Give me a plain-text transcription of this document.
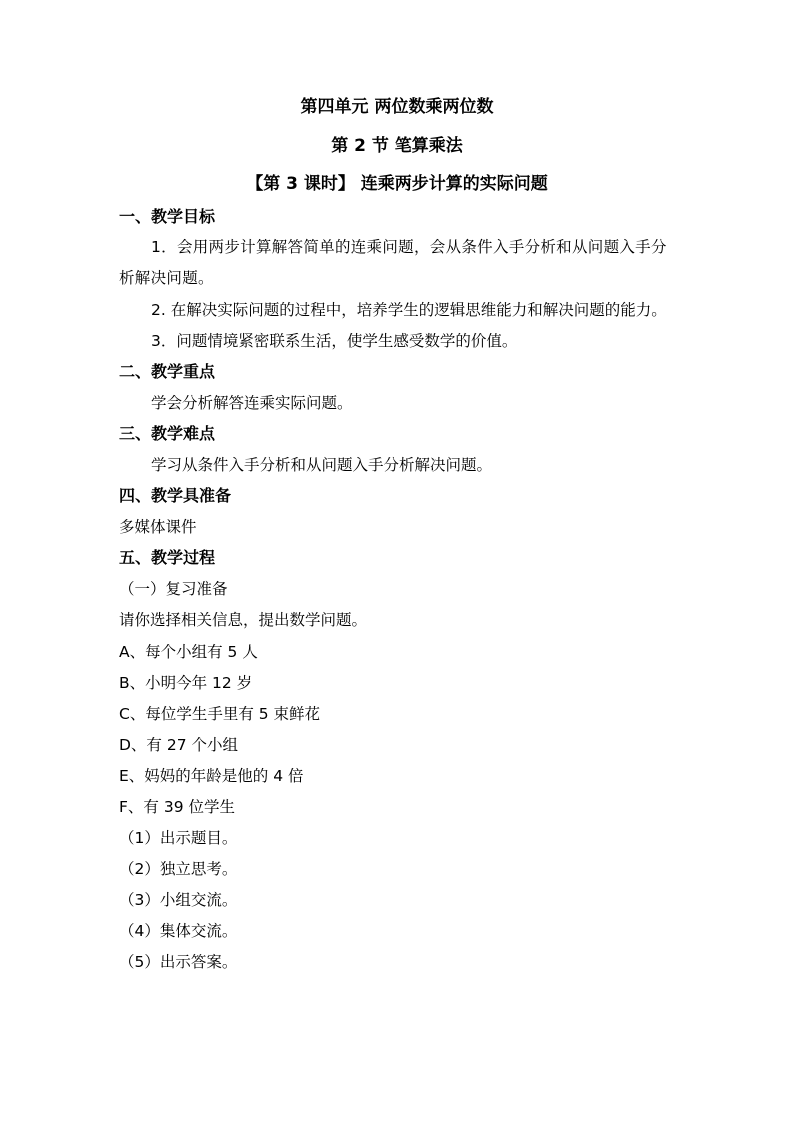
第四单元 两位数乘两位数
第 2 节 笔算乘法
【第 3 课时】 连乘两步计算的实际问题
一、教学目标
1．会用两步计算解答简单的连乘问题，会从条件入手分析和从问题入手分析解决问题。
2. 在解决实际问题的过程中，培养学生的逻辑思维能力和解决问题的能力。
3．问题情境紧密联系生活，使学生感受数学的价值。
二、教学重点
学会分析解答连乘实际问题。
三、教学难点
学习从条件入手分析和从问题入手分析解决问题。
四、教学具准备
多媒体课件
五、教学过程
（一）复习准备
请你选择相关信息，提出数学问题。
A、每个小组有 5 人
B、小明今年 12 岁
C、每位学生手里有 5 束鲜花
D、有 27 个小组
E、妈妈的年龄是他的 4 倍
F、有 39 位学生
（1）出示题目。
（2）独立思考。
（3）小组交流。
（4）集体交流。
（5）出示答案。
